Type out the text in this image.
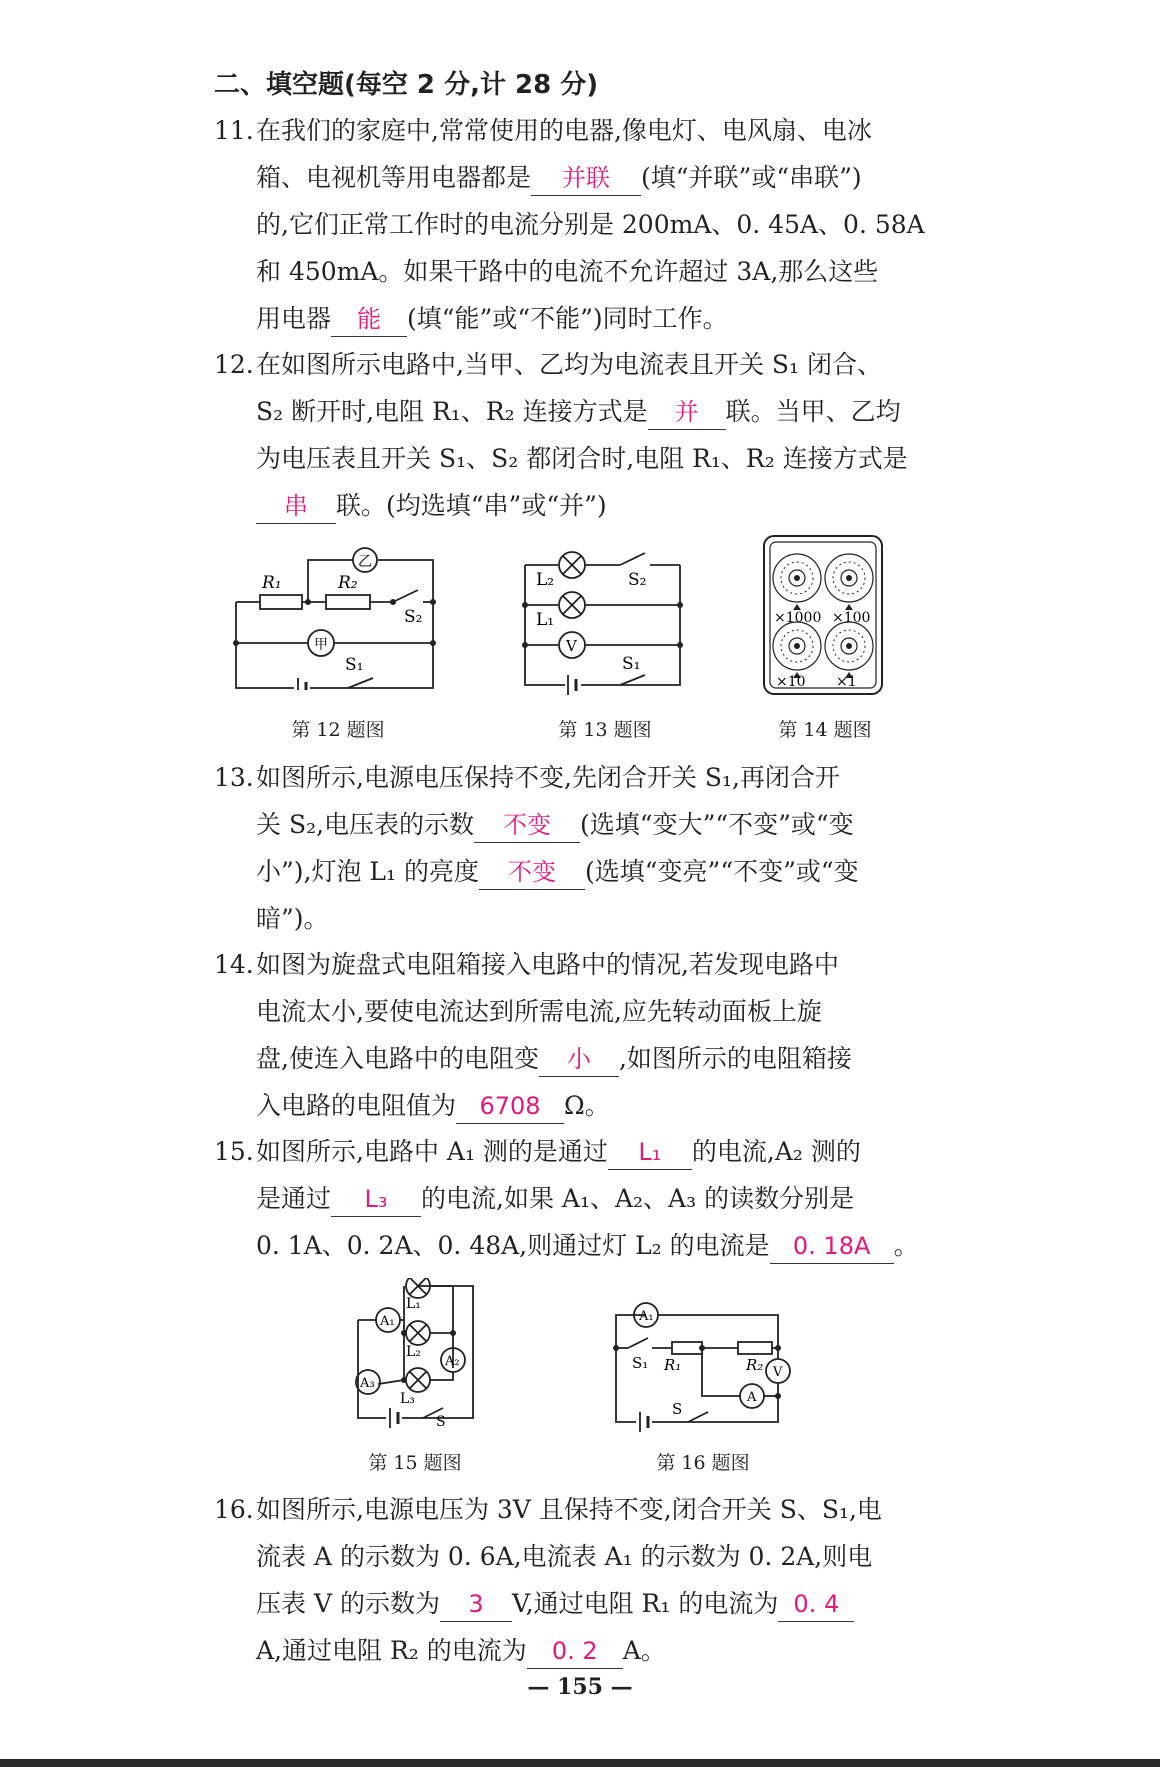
二、填空题(每空 2 分,计 28 分)
11. 在我们的家庭中,常常使用的电器,像电灯、电风扇、电冰
箱、电视机等用电器都是 并联 (填“并联”或“串联”)
的,它们正常工作时的电流分别是 200mA、0. 45A、0. 58A
和 450mA。如果干路中的电流不允许超过 3A,那么这些
用电器 能 (填“能”或“不能”)同时工作。
12. 在如图所示电路中,当甲、乙均为电流表且开关 S₁ 闭合、
S₂ 断开时,电阻 R₁、R₂ 连接方式是 并 联。当甲、乙均
为电压表且开关 S₁、S₂ 都闭合时,电阻 R₁、R₂ 连接方式是
串 联。(均选填“串”或“并”)
R₁	R₂
S₂
S₁
甲
乙
第 12 题图
L₂
L₁
V
S₂
S₁
第 13 题图
×1000 ×100
×10 ×1
第 14 题图
13. 如图所示,电源电压保持不变,先闭合开关 S₁,再闭合开
关 S₂,电压表的示数 不变 (选填“变大”“不变”或“变
小”),灯泡 L₁ 的亮度 不变 (选填“变亮”“不变”或“变
暗”)。
14. 如图为旋盘式电阻箱接入电路中的情况,若发现电路中
电流太小,要使电流达到所需电流,应先转动面板上旋
盘,使连入电路中的电阻变 小 ,如图所示的电阻箱接
入电路的电阻值为 6708 Ω。
15. 如图所示,电路中 A₁ 测的是通过 L₁ 的电流,A₂ 测的
是通过 L₃ 的电流,如果 A₁、A₂、A₃ 的读数分别是
0. 1A、0. 2A、0. 48A,则通过灯 L₂ 的电流是 0. 18A 。
A₁
A₂
A₃
L₁
L₂
L₃
S
第 15 题图
A₁
A
V
S₁ R₁	R₂
S
第 16 题图
16. 如图所示,电源电压为 3V 且保持不变,闭合开关 S、S₁,电
流表 A 的示数为 0. 6A,电流表 A₁ 的示数为 0. 2A,则电
压表 V 的示数为 3 V,通过电阻 R₁ 的电流为 0. 4
A,通过电阻 R₂ 的电流为 0. 2 A。
— 155 —
